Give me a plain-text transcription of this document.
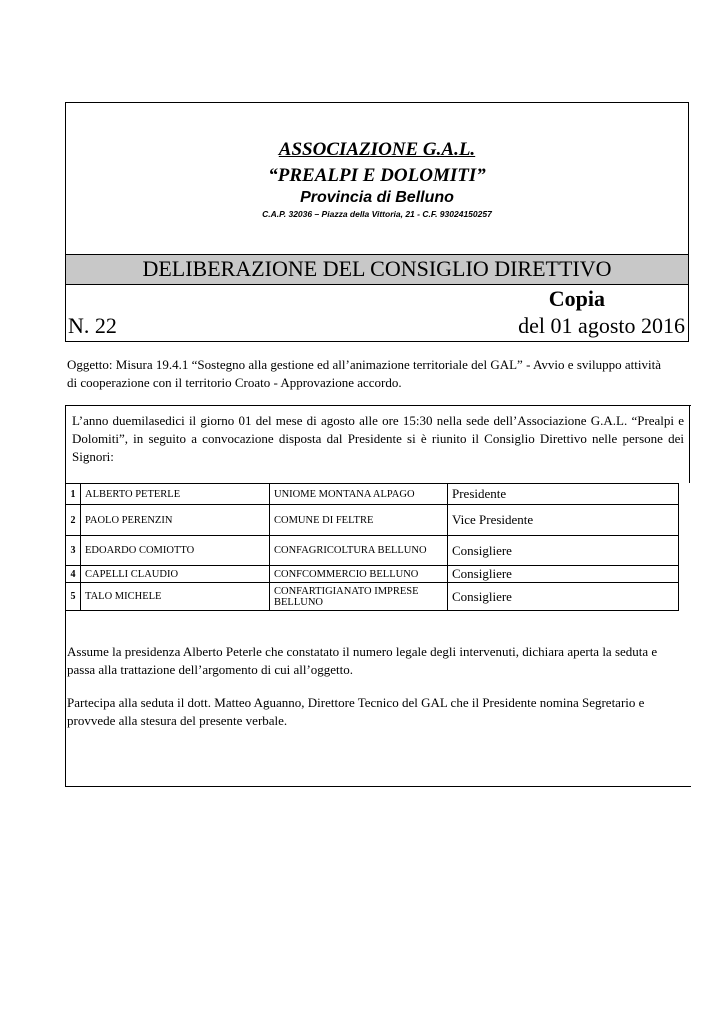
ASSOCIAZIONE G.A.L.
“PREALPI E DOLOMITI”
Provincia di Belluno
C.A.P. 32036 – Piazza della Vittoria, 21 - C.F. 93024150257
DELIBERAZIONE DEL CONSIGLIO DIRETTIVO
Copia
N. 22	del 01 agosto 2016
Oggetto: Misura 19.4.1 “Sostegno alla gestione ed all’animazione territoriale del GAL” - Avvio e sviluppo attività di cooperazione con il territorio Croato - Approvazione accordo.
L’anno duemilasedici il giorno 01 del mese di agosto alle ore 15:30 nella sede dell’Associazione G.A.L. “Prealpi e Dolomiti”, in seguito a convocazione disposta dal Presidente si è riunito il Consiglio Direttivo nelle persone dei Signori:
1	ALBERTO PETERLE	UNIOME MONTANA ALPAGO	Presidente
2	PAOLO PERENZIN	COMUNE DI FELTRE	Vice Presidente
3	EDOARDO COMIOTTO	CONFAGRICOLTURA BELLUNO	Consigliere
4	CAPELLI CLAUDIO	CONFCOMMERCIO BELLUNO	Consigliere
5	TALO MICHELE	CONFARTIGIANATO IMPRESE BELLUNO	Consigliere
Assume la presidenza Alberto Peterle che constatato il numero legale degli intervenuti, dichiara aperta la seduta e passa alla trattazione dell’argomento di cui all’oggetto.
Partecipa alla seduta il dott. Matteo Aguanno, Direttore Tecnico del GAL che il Presidente nomina Segretario e provvede alla stesura del presente verbale.
